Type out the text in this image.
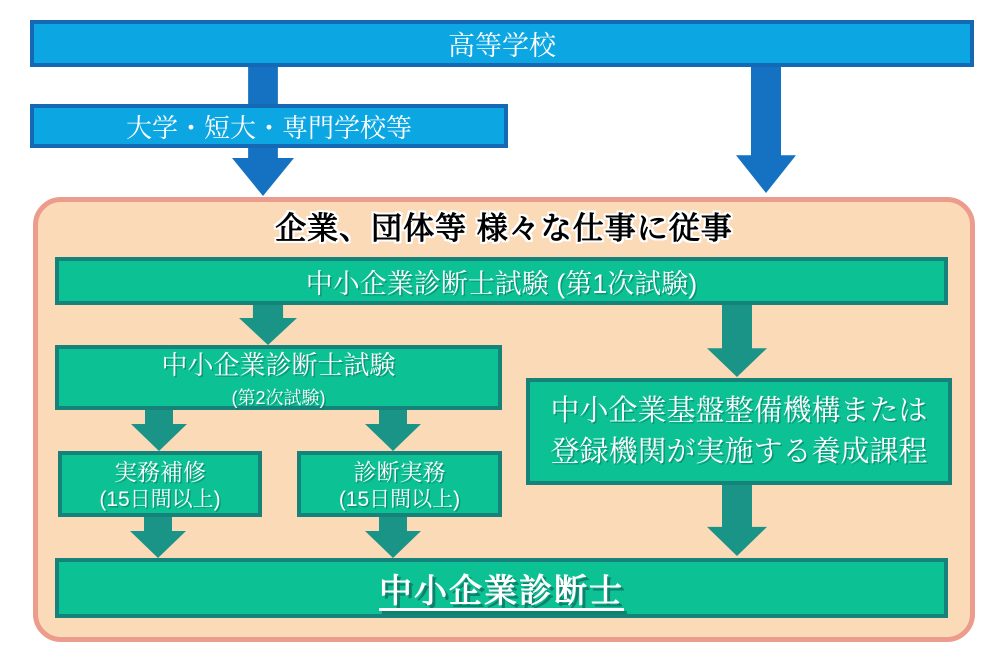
高等学校
大学・短大・専門学校等
企業、団体等 様々な仕事に従事
中小企業診断士試験 (第1次試験)
中小企業診断士試験
(第2次試験)
実務補修
(15日間以上)
診断実務
(15日間以上)
中小企業基盤整備機構または
登録機関が実施する養成課程
中小企業診断士
